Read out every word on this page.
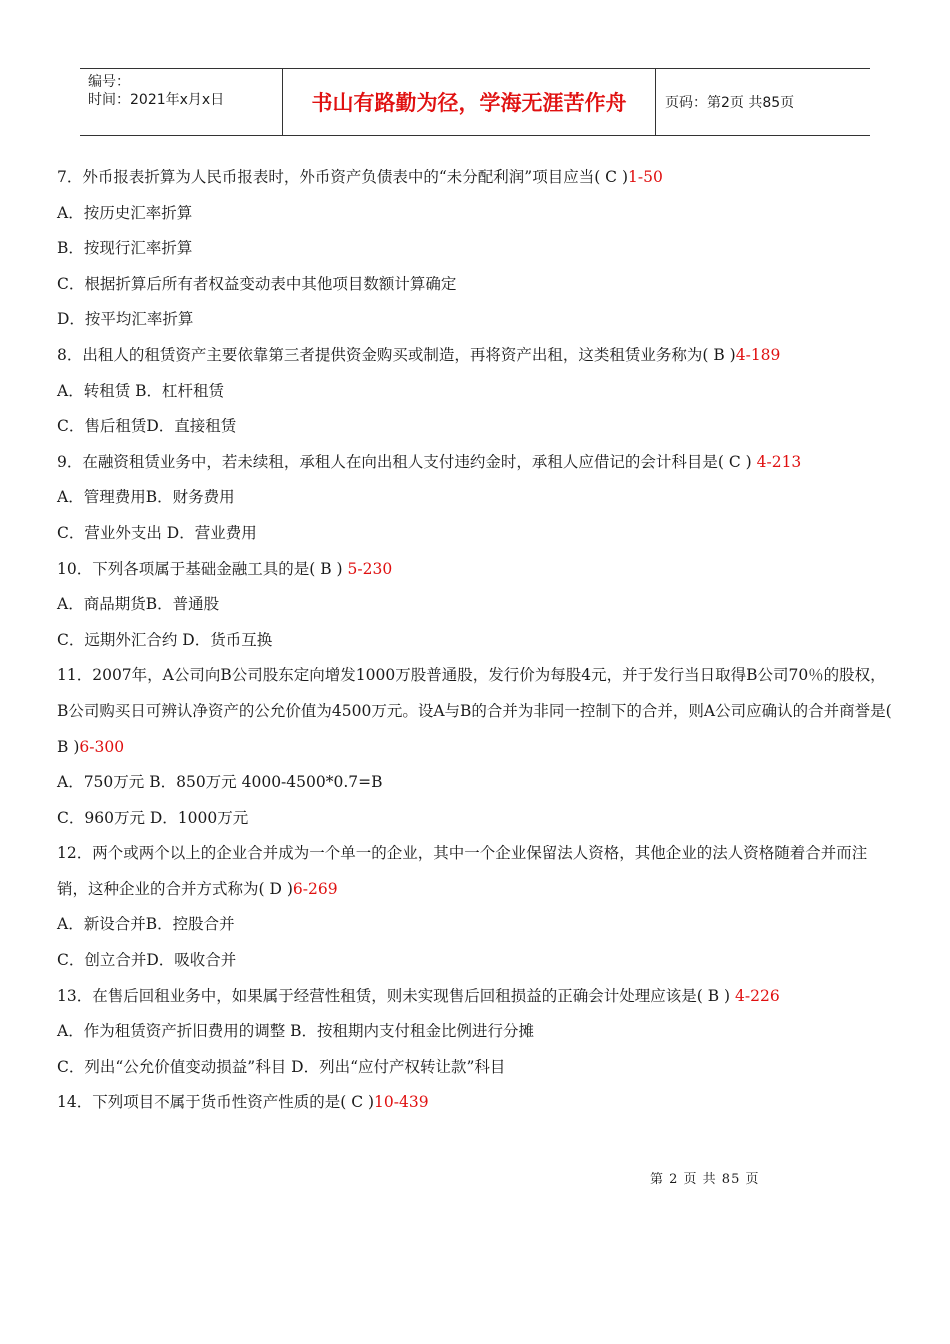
编号：
时间：2021年x月x日	书山有路勤为径，学海无涯苦作舟	页码：第2页 共85页
7．外币报表折算为人民币报表时，外币资产负债表中的“未分配利润”项目应当( C )1-50
A．按历史汇率折算
B．按现行汇率折算
C．根据折算后所有者权益变动表中其他项目数额计算确定
D．按平均汇率折算
8．出租人的租赁资产主要依靠第三者提供资金购买或制造，再将资产出租，这类租赁业务称为( B )4-189
A．转租赁 B．杠杆租赁
C．售后租赁D．直接租赁
9．在融资租赁业务中，若未续租，承租人在向出租人支付违约金时，承租人应借记的会计科目是( C ) 4-213
A．管理费用B．财务费用
C．营业外支出 D．营业费用
10．下列各项属于基础金融工具的是( B ) 5-230
A．商品期货B．普通股
C．远期外汇合约 D．货币互换
11．2007年，A公司向B公司股东定向增发1000万股普通股，发行价为每股4元，并于发行当日取得B公司70％的股权，B公司购买日可辨认净资产的公允价值为4500万元。设A与B的合并为非同一控制下的合并，则A公司应确认的合并商誉是( B )6-300
A．750万元 B．850万元 4000-4500*0.7=B
C．960万元 D．1000万元
12．两个或两个以上的企业合并成为一个单一的企业，其中一个企业保留法人资格，其他企业的法人资格随着合并而注销，这种企业的合并方式称为( D )6-269
A．新设合并B．控股合并
C．创立合并D．吸收合并
13．在售后回租业务中，如果属于经营性租赁，则未实现售后回租损益的正确会计处理应该是( B ) 4-226
A．作为租赁资产折旧费用的调整 B．按租期内支付租金比例进行分摊
C．列出“公允价值变动损益”科目 D．列出“应付产权转让款”科目
14．下列项目不属于货币性资产性质的是( C )10-439
第 2 页 共 85 页
